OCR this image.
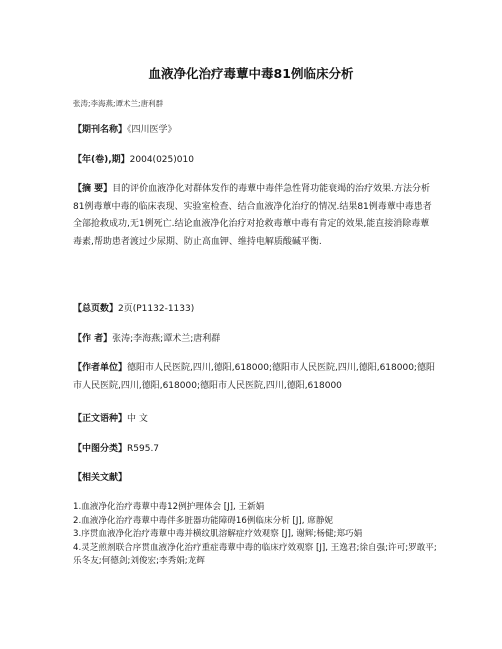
血液净化治疗毒蕈中毒81例临床分析
张涛;李海燕;谭术兰;唐利群
【期刊名称】《四川医学》
【年(卷),期】2004(025)010
【摘 要】目的评价血液净化对群体发作的毒蕈中毒伴急性肾功能衰竭的治疗效果.方法分析81例毒蕈中毒的临床表现、实验室检查、结合血液净化治疗的情况.结果81例毒蕈中毒患者全部抢救成功,无1例死亡.结论血液净化治疗对抢救毒蕈中毒有肯定的效果,能直接消除毒蕈毒素,帮助患者渡过少尿期、防止高血钾、维持电解质酸碱平衡.
【总页数】2页(P1132-1133)
【作 者】张涛;李海燕;谭术兰;唐利群
【作者单位】德阳市人民医院,四川,德阳,618000;德阳市人民医院,四川,德阳,618000;德阳市人民医院,四川,德阳,618000;德阳市人民医院,四川,德阳,618000
【正文语种】中 文
【中图分类】R595.7
【相关文献】
1.血液净化治疗毒蕈中毒12例护理体会 [J], 王新娟
2.血液净化治疗毒蕈中毒伴多脏器功能障碍16例临床分析 [J], 席静妮
3.序贯血液净化治疗毒蕈中毒并横纹肌溶解症疗效观察 [J], 谢辉;杨健;郑巧娟
4.灵芝煎剂联合序贯血液净化治疗重症毒蕈中毒的临床疗效观察 [J], 王逸君;徐自强;许可;罗敢平;乐冬友;何德剑;刘俊宏;李秀娟;龙辉
